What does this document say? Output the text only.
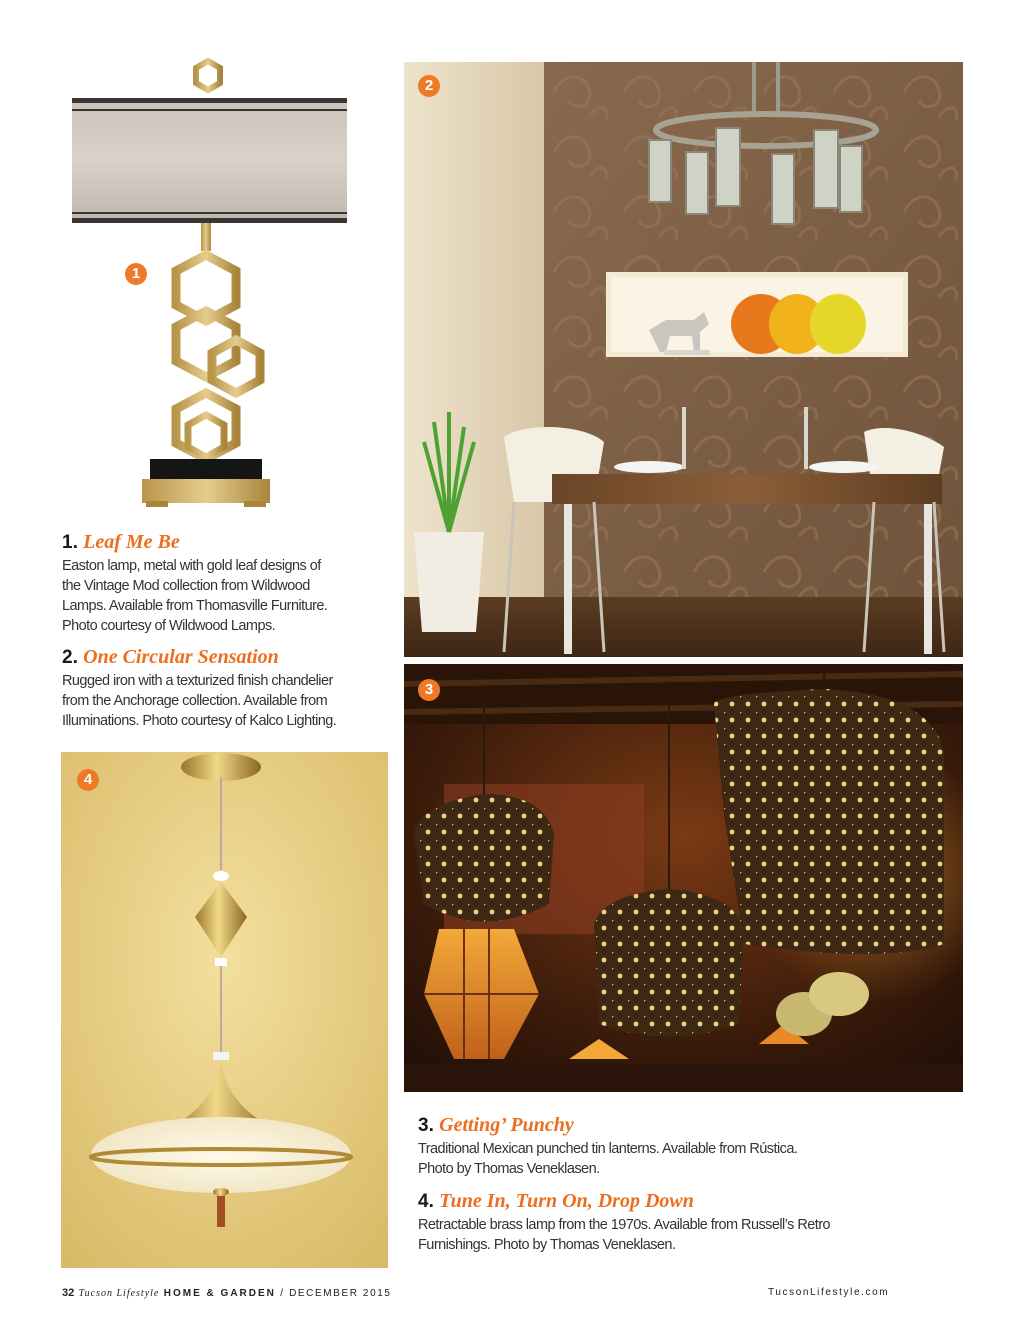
1
2
1. Leaf Me Be
Easton lamp, metal with gold leaf designs of
the Vintage Mod collection from Wildwood
Lamps. Available from Thomasville Furniture.
Photo courtesy of Wildwood Lamps.
2. One Circular Sensation
Rugged iron with a texturized finish chandelier
from the Anchorage collection. Available from
Illuminations. Photo courtesy of Kalco Lighting.
3
4
3. Getting’ Punchy
Traditional Mexican punched tin lanterns. Available from Rústica.
Photo by Thomas Veneklasen.
4. Tune In, Turn On, Drop Down
Retractable brass lamp from the 1970s. Available from Russell’s Retro
Furnishings. Photo by Thomas Veneklasen.
32 Tucson Lifestyle HOME & GARDEN / DECEMBER 2015	TucsonLifestyle.com
